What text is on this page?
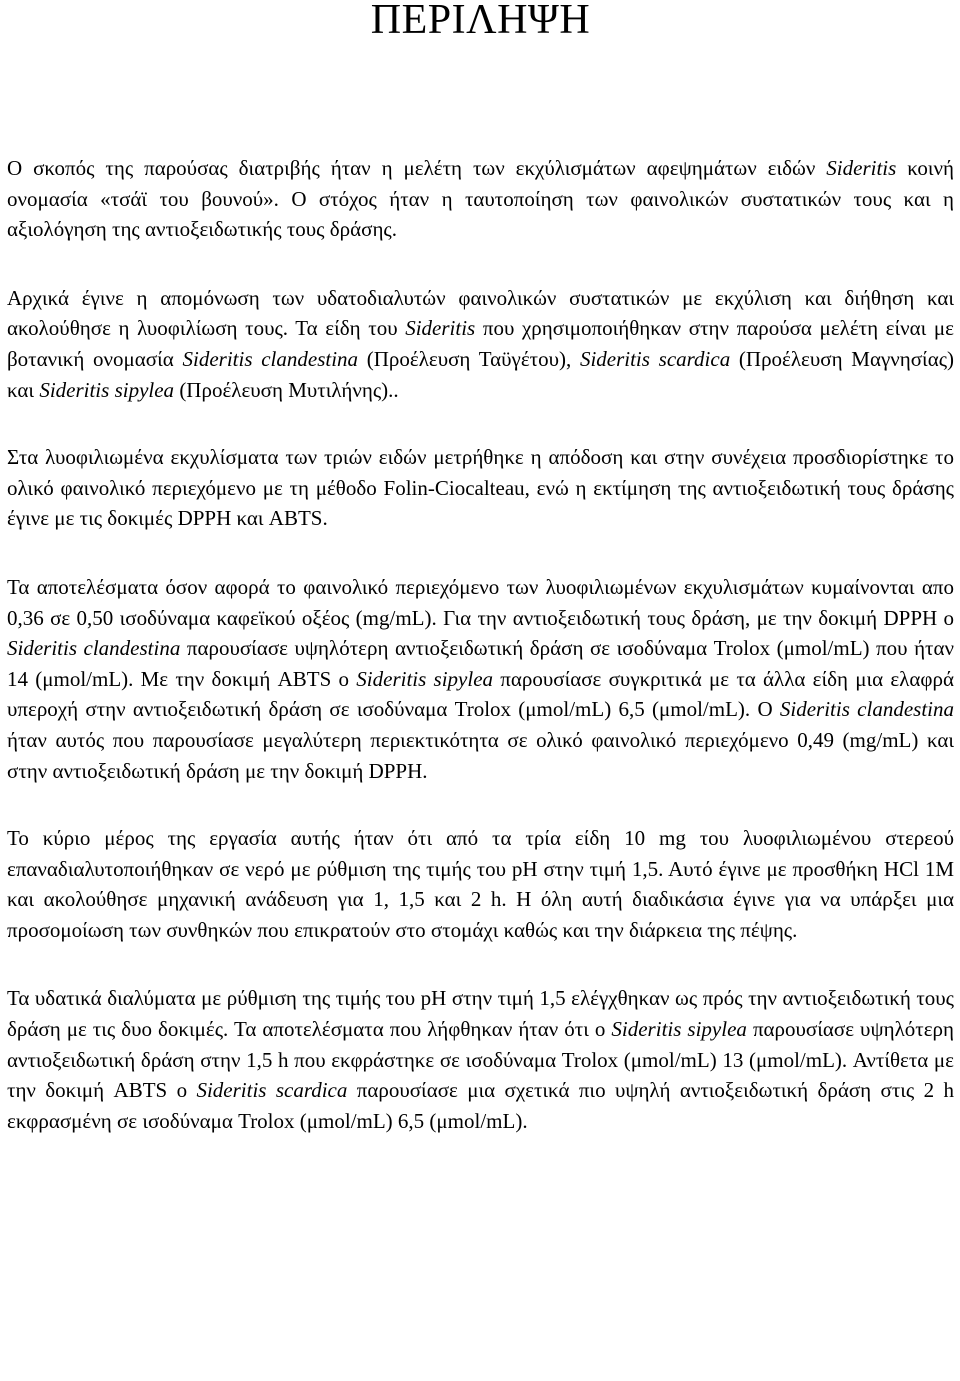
ΠΕΡΙΛΗΨΗ

Ο σκοπός της παρούσας διατριβής ήταν η μελέτη των εκχύλισμάτων αφεψημάτων ειδών Sideritis κοινή ονομασία «τσάϊ του βουνού». Ο στόχος ήταν η ταυτοποίηση των φαινολικών συστατικών τους και η αξιολόγηση της αντιοξειδωτικής τους δράσης.

Αρχικά έγινε η απομόνωση των υδατοδιαλυτών φαινολικών συστατικών με εκχύλιση και διήθηση και ακολούθησε η λυοφιλίωση τους. Τα είδη του Sideritis που χρησιμοποιήθηκαν στην παρούσα μελέτη είναι με βοτανική ονομασία Sideritis clandestina (Προέλευση Ταϋγέτου), Sideritis scardica (Προέλευση Μαγνησίας) και Sideritis sipylea (Προέλευση Μυτιλήνης)..

Στα λυοφιλιωμένα εκχυλίσματα των τριών ειδών μετρήθηκε η απόδοση και στην συνέχεια προσδιορίστηκε το ολικό φαινολικό περιεχόμενο με τη μέθοδο Folin-Ciocalteau, ενώ η εκτίμηση της αντιοξειδωτική τους δράσης έγινε με τις δοκιμές DPPH και ABTS.

Τα αποτελέσματα όσον αφορά το φαινολικό περιεχόμενο των λυοφιλιωμένων εκχυλισμάτων κυμαίνονται απο 0,36 σε 0,50 ισοδύναμα καφεϊκού οξέος (mg/mL). Για την αντιοξειδωτική τους δράση, με την δοκιμή DPPH ο Sideritis clandestina παρουσίασε υψηλότερη αντιοξειδωτική δράση σε ισοδύναμα Trolox (μmol/mL) που ήταν 14 (μmol/mL). Με την δοκιμή ABTS ο Sideritis sipylea παρουσίασε συγκριτικά με τα άλλα είδη μια ελαφρά υπεροχή στην αντιοξειδωτική δράση σε ισοδύναμα Trolox (μmol/mL) 6,5 (μmol/mL). Ο Sideritis clandestina ήταν αυτός που παρουσίασε μεγαλύτερη περιεκτικότητα σε ολικό φαινολικό περιεχόμενο 0,49 (mg/mL) και στην αντιοξειδωτική δράση με την δοκιμή DPPH.

Το κύριο μέρος της εργασία αυτής ήταν ότι από τα τρία είδη 10 mg του λυοφιλιωμένου στερεού επαναδιαλυτοποιήθηκαν σε νερό με ρύθμιση της τιμής του pH στην τιμή 1,5. Αυτό έγινε με προσθήκη HCl 1M και ακολούθησε μηχανική ανάδευση για 1, 1,5 και 2 h. Η όλη αυτή διαδικάσια έγινε για να υπάρξει μια προσομοίωση των συνθηκών που επικρατούν στο στομάχι καθώς και την διάρκεια της πέψης.

Τα υδατικά διαλύματα με ρύθμιση της τιμής του pH στην τιμή 1,5 ελέγχθηκαν ως πρός την αντιοξειδωτική τους δράση με τις δυο δοκιμές. Τα αποτελέσματα που λήφθηκαν ήταν ότι ο Sideritis sipylea παρουσίασε υψηλότερη αντιοξειδωτική δράση στην 1,5 h που εκφράστηκε σε ισοδύναμα Trolox (μmol/mL) 13 (μmol/mL). Αντίθετα με την δοκιμή ABTS ο Sideritis scardica παρουσίασε μια σχετικά πιο υψηλή αντιοξειδωτική δράση στις 2 h εκφρασμένη σε ισοδύναμα Trolox (μmol/mL) 6,5 (μmol/mL).
